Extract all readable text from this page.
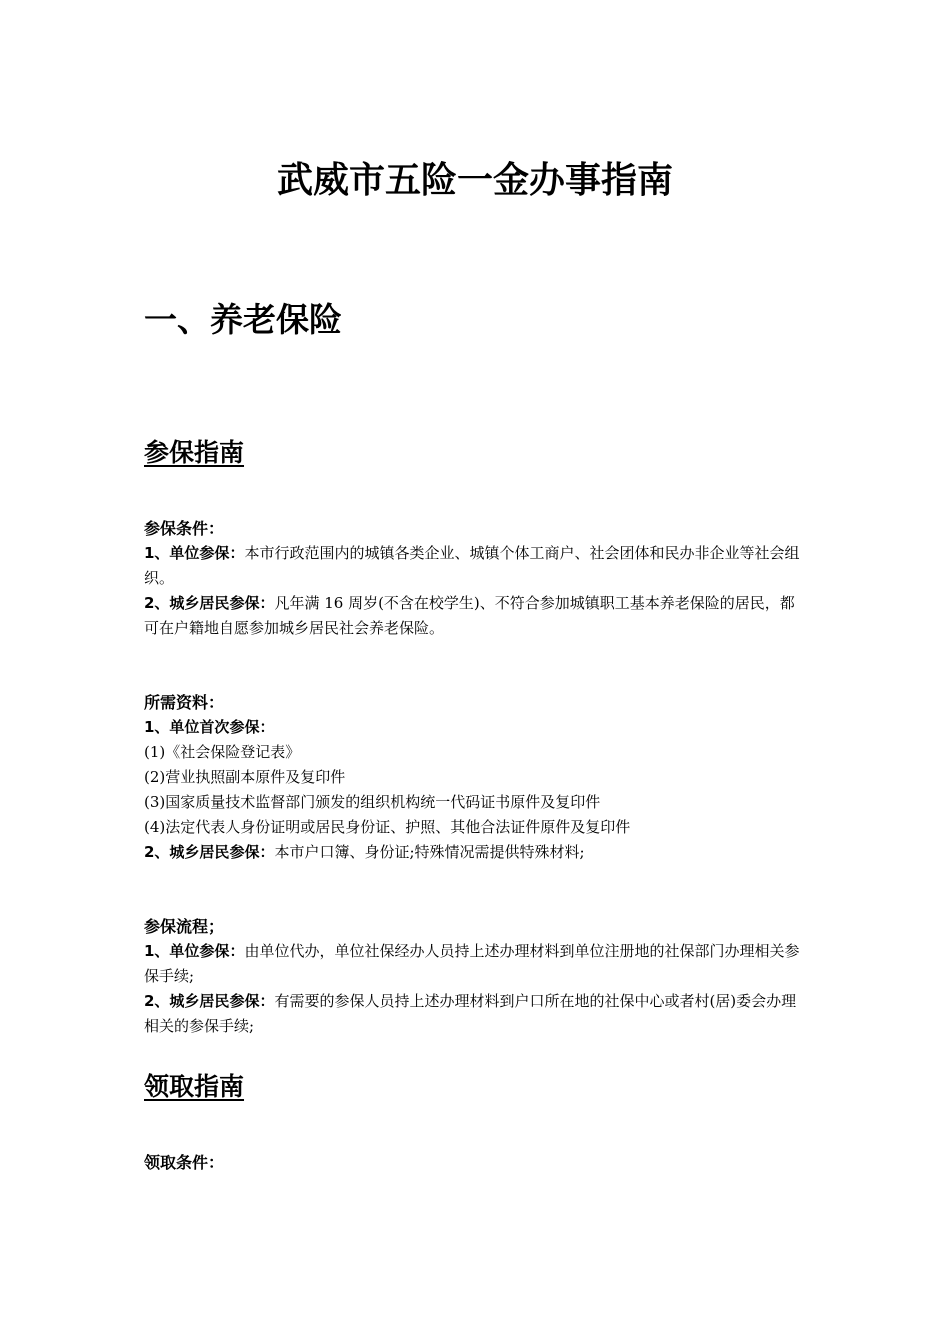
武威市五险一金办事指南
一、养老保险
参保指南

参保条件：

1、单位参保：本市行政范围内的城镇各类企业、城镇个体工商户、社会团体和民办非企业等社会组织。

2、城乡居民参保：凡年满 16 周岁(不含在校学生)、不符合参加城镇职工基本养老保险的居民，都可在户籍地自愿参加城乡居民社会养老保险。

所需资料：

1、单位首次参保：

(1)《社会保险登记表》

(2)营业执照副本原件及复印件

(3)国家质量技术监督部门颁发的组织机构统一代码证书原件及复印件

(4)法定代表人身份证明或居民身份证、护照、其他合法证件原件及复印件

2、城乡居民参保：本市户口簿、身份证;特殊情况需提供特殊材料;

参保流程；

1、单位参保：由单位代办，单位社保经办人员持上述办理材料到单位注册地的社保部门办理相关参保手续;

2、城乡居民参保：有需要的参保人员持上述办理材料到户口所在地的社保中心或者村(居)委会办理相关的参保手续;

领取指南

领取条件：
